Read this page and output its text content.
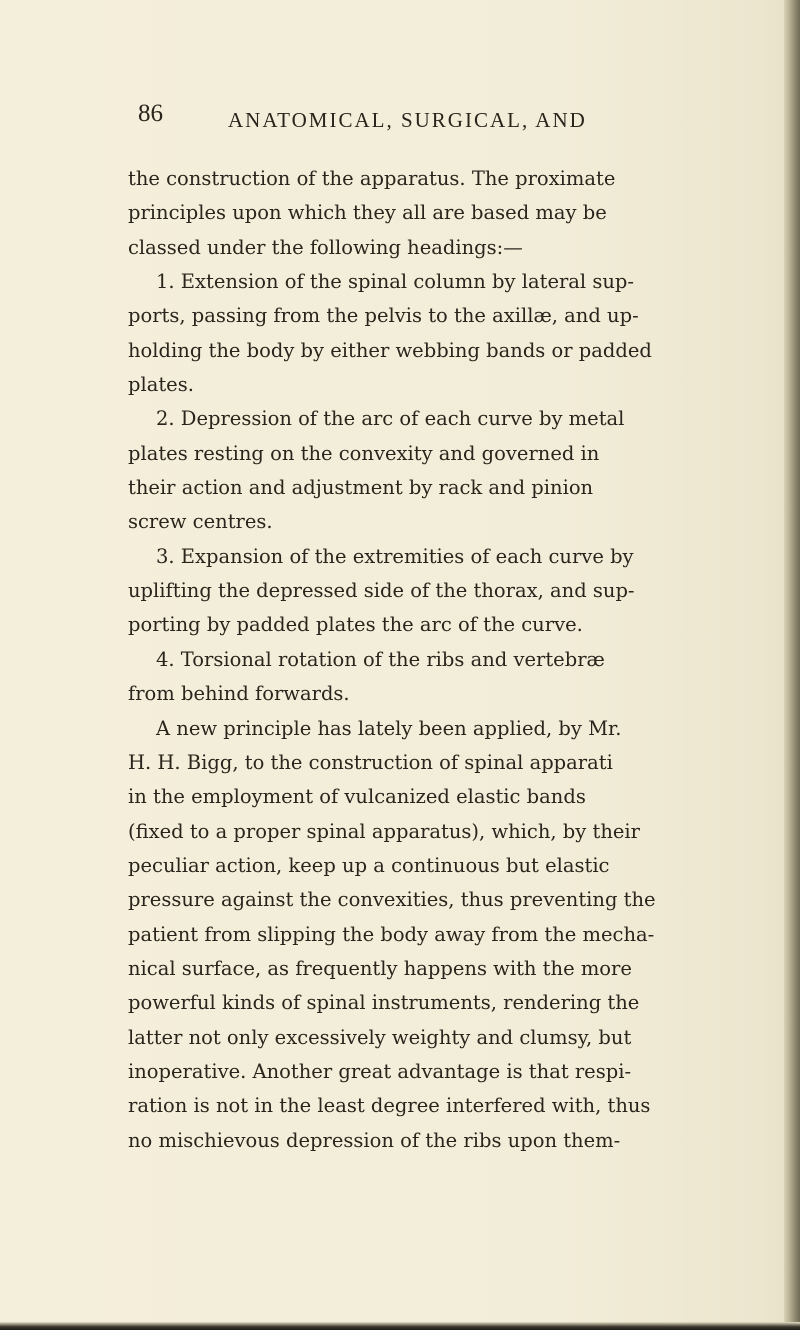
86	ANATOMICAL, SURGICAL, AND
the construction of the apparatus. The proximate
principles upon which they all are based may be
classed under the following headings:—
1. Extension of the spinal column by lateral sup-
ports, passing from the pelvis to the axillæ, and up-
holding the body by either webbing bands or padded
plates.
2. Depression of the arc of each curve by metal
plates resting on the convexity and governed in
their action and adjustment by rack and pinion
screw centres.
3. Expansion of the extremities of each curve by
uplifting the depressed side of the thorax, and sup-
porting by padded plates the arc of the curve.
4. Torsional rotation of the ribs and vertebræ
from behind forwards.
A new principle has lately been applied, by Mr.
H. H. Bigg, to the construction of spinal apparati
in the employment of vulcanized elastic bands
(fixed to a proper spinal apparatus), which, by their
peculiar action, keep up a continuous but elastic
pressure against the convexities, thus preventing the
patient from slipping the body away from the mecha-
nical surface, as frequently happens with the more
powerful kinds of spinal instruments, rendering the
latter not only excessively weighty and clumsy, but
inoperative. Another great advantage is that respi-
ration is not in the least degree interfered with, thus
no mischievous depression of the ribs upon them-
